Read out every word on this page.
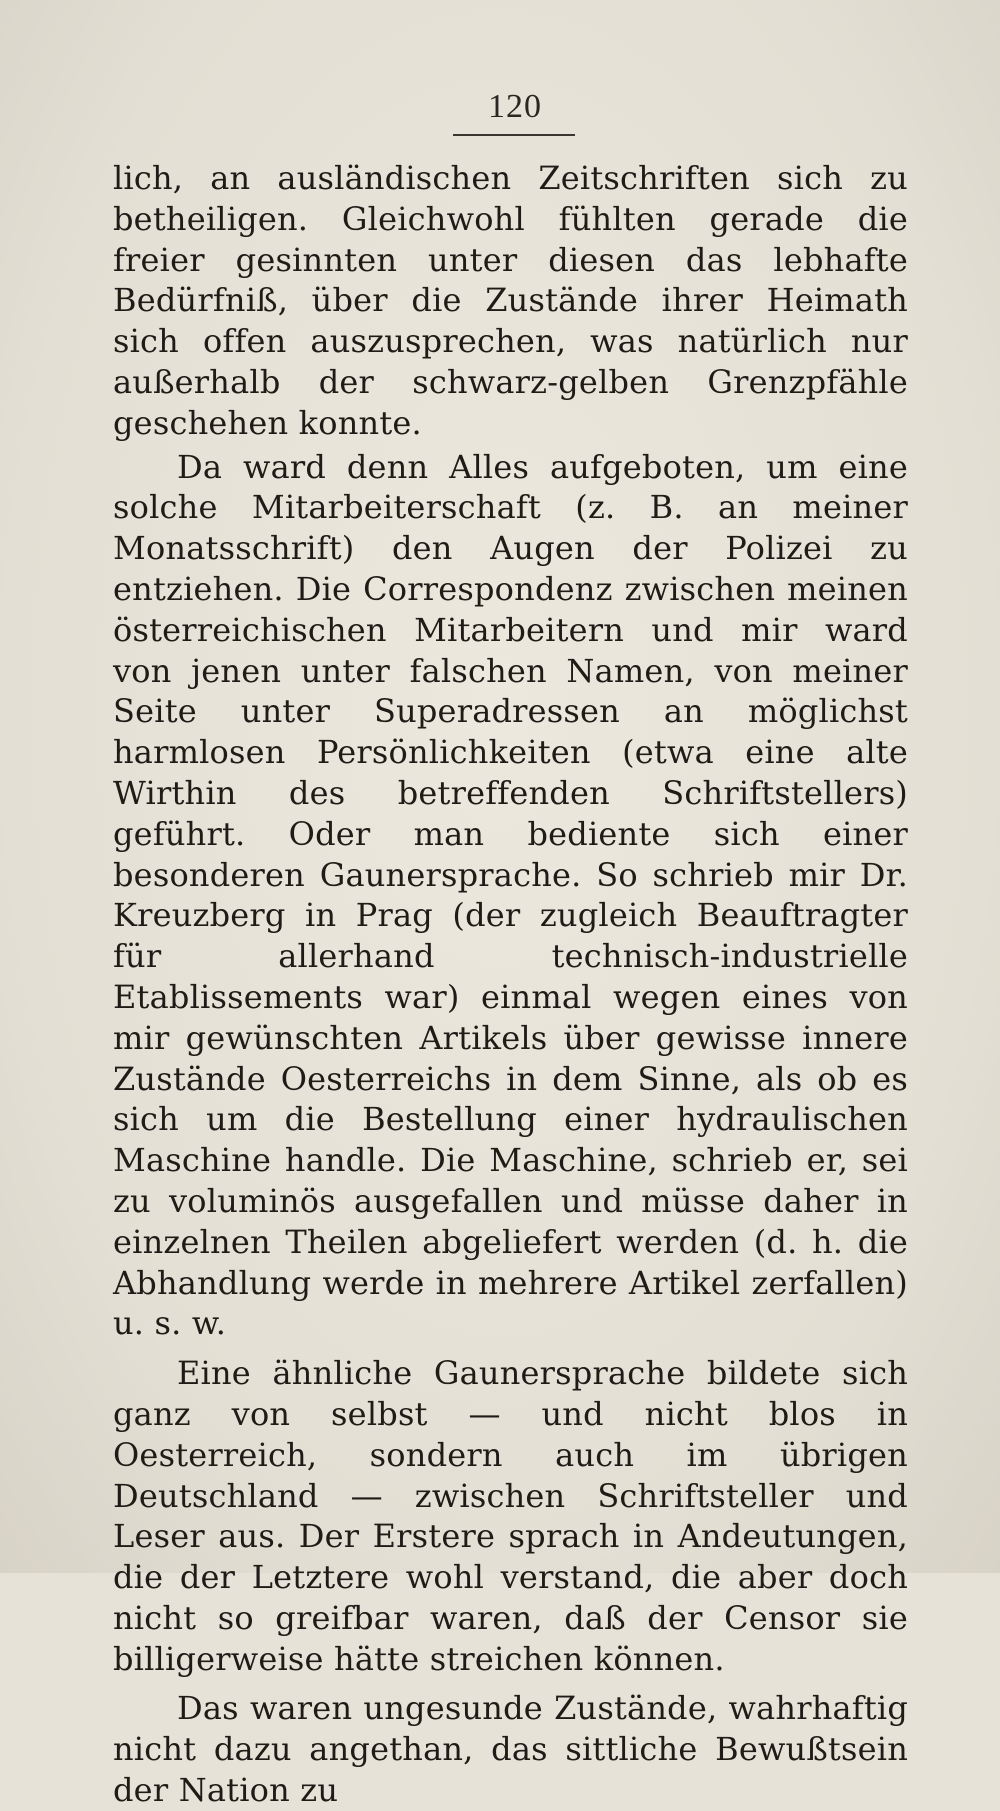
120

lich, an ausländischen Zeitschriften sich zu betheiligen. Gleichwohl fühlten gerade die freier gesinnten unter diesen das lebhafte Bedürfniß, über die Zustände ihrer Heimath sich offen auszusprechen, was natürlich nur außerhalb der schwarz-gelben Grenzpfähle geschehen konnte.

Da ward denn Alles aufgeboten, um eine solche Mitarbeiterschaft (z. B. an meiner Monatsschrift) den Augen der Polizei zu entziehen. Die Correspondenz zwischen meinen österreichischen Mitarbeitern und mir ward von jenen unter falschen Namen, von meiner Seite unter Superadressen an möglichst harmlosen Persönlichkeiten (etwa eine alte Wirthin des betreffenden Schriftstellers) geführt. Oder man bediente sich einer besonderen Gaunersprache. So schrieb mir Dr. Kreuzberg in Prag (der zugleich Beauftragter für allerhand technisch-industrielle Etablissements war) einmal wegen eines von mir gewünschten Artikels über gewisse innere Zustände Oesterreichs in dem Sinne, als ob es sich um die Bestellung einer hydraulischen Maschine handle. Die Maschine, schrieb er, sei zu voluminös ausgefallen und müsse daher in einzelnen Theilen abgeliefert werden (d. h. die Abhandlung werde in mehrere Artikel zerfallen) u. s. w.

Eine ähnliche Gaunersprache bildete sich ganz von selbst — und nicht blos in Oesterreich, sondern auch im übrigen Deutschland — zwischen Schriftsteller und Leser aus. Der Erstere sprach in Andeutungen, die der Letztere wohl verstand, die aber doch nicht so greifbar waren, daß der Censor sie billigerweise hätte streichen können.

Das waren ungesunde Zustände, wahrhaftig nicht dazu angethan, das sittliche Bewußtsein der Nation zu
